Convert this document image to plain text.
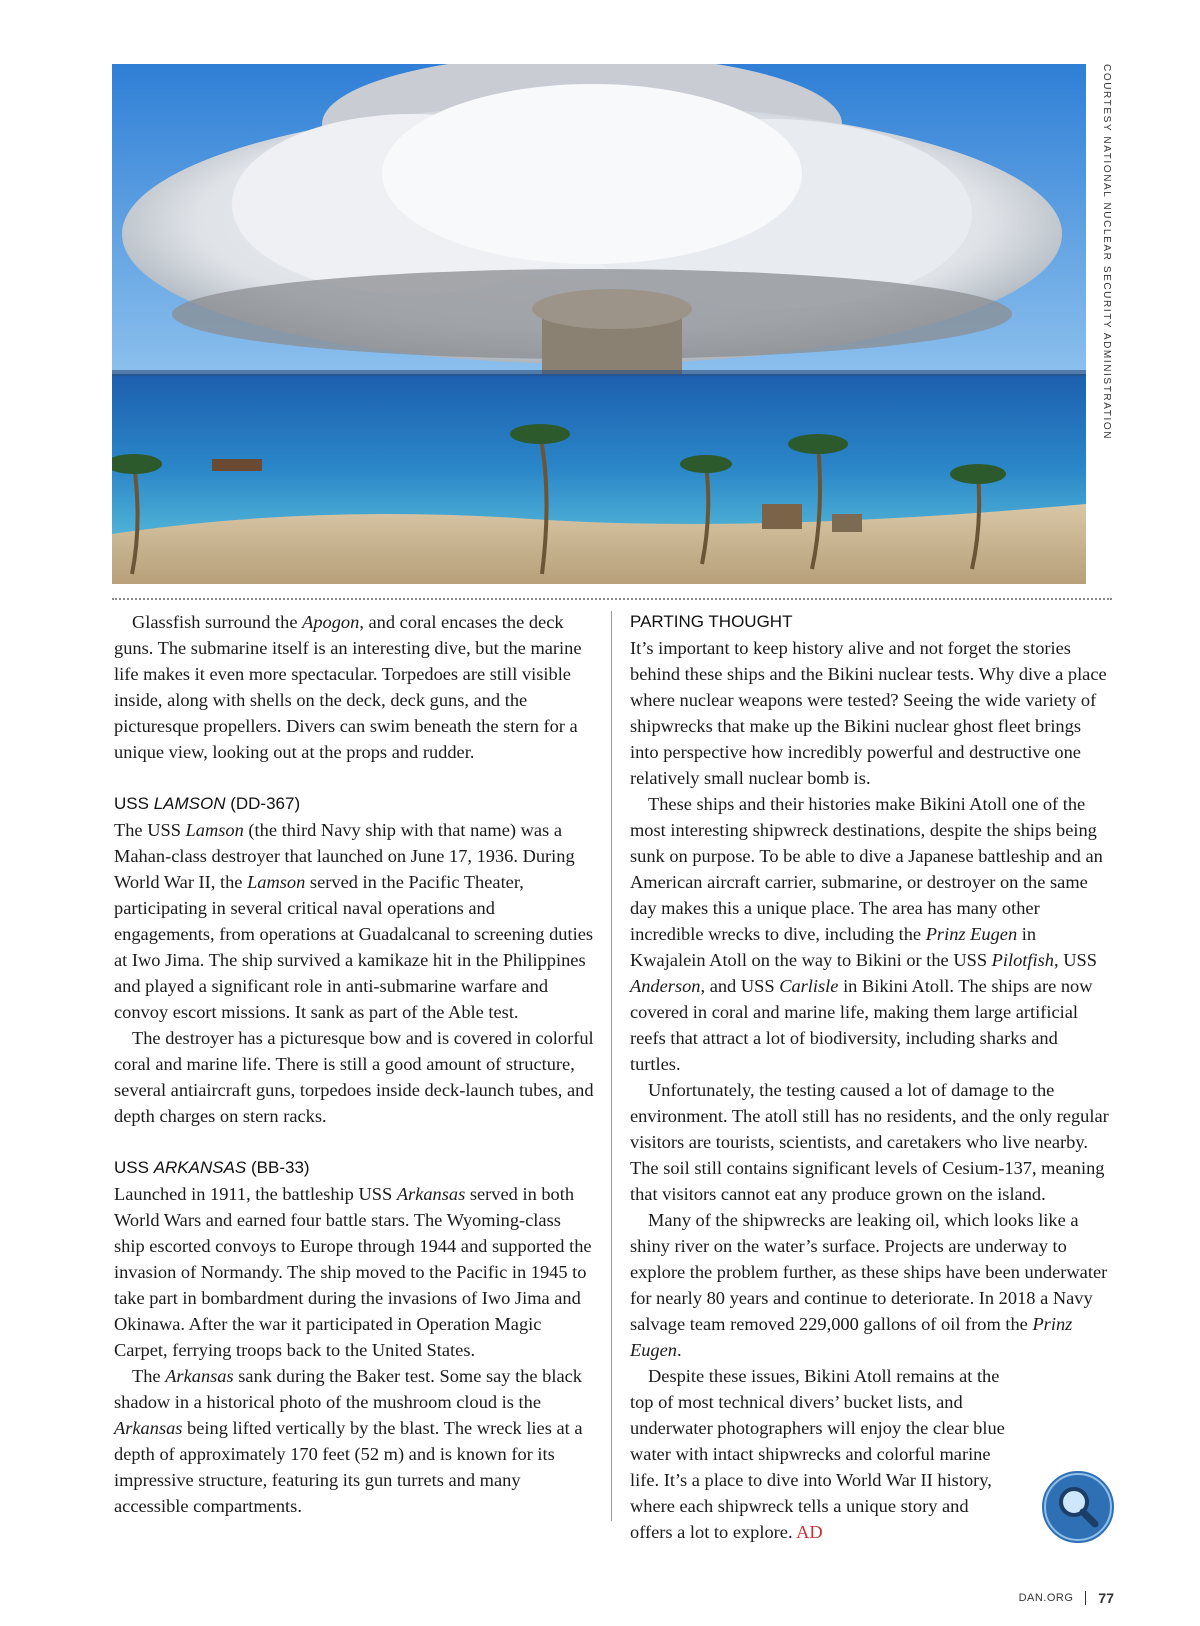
COURTESY NATIONAL NUCLEAR SECURITY ADMINISTRATION

Glassfish surround the Apogon, and coral encases the deck guns. The submarine itself is an interesting dive, but the marine life makes it even more spectacular. Torpedoes are still visible inside, along with shells on the deck, deck guns, and the picturesque propellers. Divers can swim beneath the stern for a unique view, looking out at the props and rudder.

USS LAMSON (DD-367)

The USS Lamson (the third Navy ship with that name) was a Mahan-class destroyer that launched on June 17, 1936. During World War II, the Lamson served in the Pacific Theater, participating in several critical naval operations and engagements, from operations at Guadalcanal to screening duties at Iwo Jima. The ship survived a kamikaze hit in the Philippines and played a significant role in anti-submarine warfare and convoy escort missions. It sank as part of the Able test.

The destroyer has a picturesque bow and is covered in colorful coral and marine life. There is still a good amount of structure, several antiaircraft guns, torpedoes inside deck-launch tubes, and depth charges on stern racks.

USS ARKANSAS (BB-33)

Launched in 1911, the battleship USS Arkansas served in both World Wars and earned four battle stars. The Wyoming-class ship escorted convoys to Europe through 1944 and supported the invasion of Normandy. The ship moved to the Pacific in 1945 to take part in bombardment during the invasions of Iwo Jima and Okinawa. After the war it participated in Operation Magic Carpet, ferrying troops back to the United States.

The Arkansas sank during the Baker test. Some say the black shadow in a historical photo of the mushroom cloud is the Arkansas being lifted vertically by the blast. The wreck lies at a depth of approximately 170 feet (52 m) and is known for its impressive structure, featuring its gun turrets and many accessible compartments.

PARTING THOUGHT

It’s important to keep history alive and not forget the stories behind these ships and the Bikini nuclear tests. Why dive a place where nuclear weapons were tested? Seeing the wide variety of shipwrecks that make up the Bikini nuclear ghost fleet brings into perspective how incredibly powerful and destructive one relatively small nuclear bomb is.

These ships and their histories make Bikini Atoll one of the most interesting shipwreck destinations, despite the ships being sunk on purpose. To be able to dive a Japanese battleship and an American aircraft carrier, submarine, or destroyer on the same day makes this a unique place. The area has many other incredible wrecks to dive, including the Prinz Eugen in Kwajalein Atoll on the way to Bikini or the USS Pilotfish, USS Anderson, and USS Carlisle in Bikini Atoll. The ships are now covered in coral and marine life, making them large artificial reefs that attract a lot of biodiversity, including sharks and turtles.

Unfortunately, the testing caused a lot of damage to the environment. The atoll still has no residents, and the only regular visitors are tourists, scientists, and caretakers who live nearby. The soil still contains significant levels of Cesium-137, meaning that visitors cannot eat any produce grown on the island.

Many of the shipwrecks are leaking oil, which looks like a shiny river on the water’s surface. Projects are underway to explore the problem further, as these ships have been underwater for nearly 80 years and continue to deteriorate. In 2018 a Navy salvage team removed 229,000 gallons of oil from the Prinz Eugen.

Despite these issues, Bikini Atoll remains at the top of most technical divers’ bucket lists, and underwater photographers will enjoy the clear blue water with intact shipwrecks and colorful marine life. It’s a place to dive into World War II history, where each shipwreck tells a unique story and offers a lot to explore. AD

DAN.ORG 77
